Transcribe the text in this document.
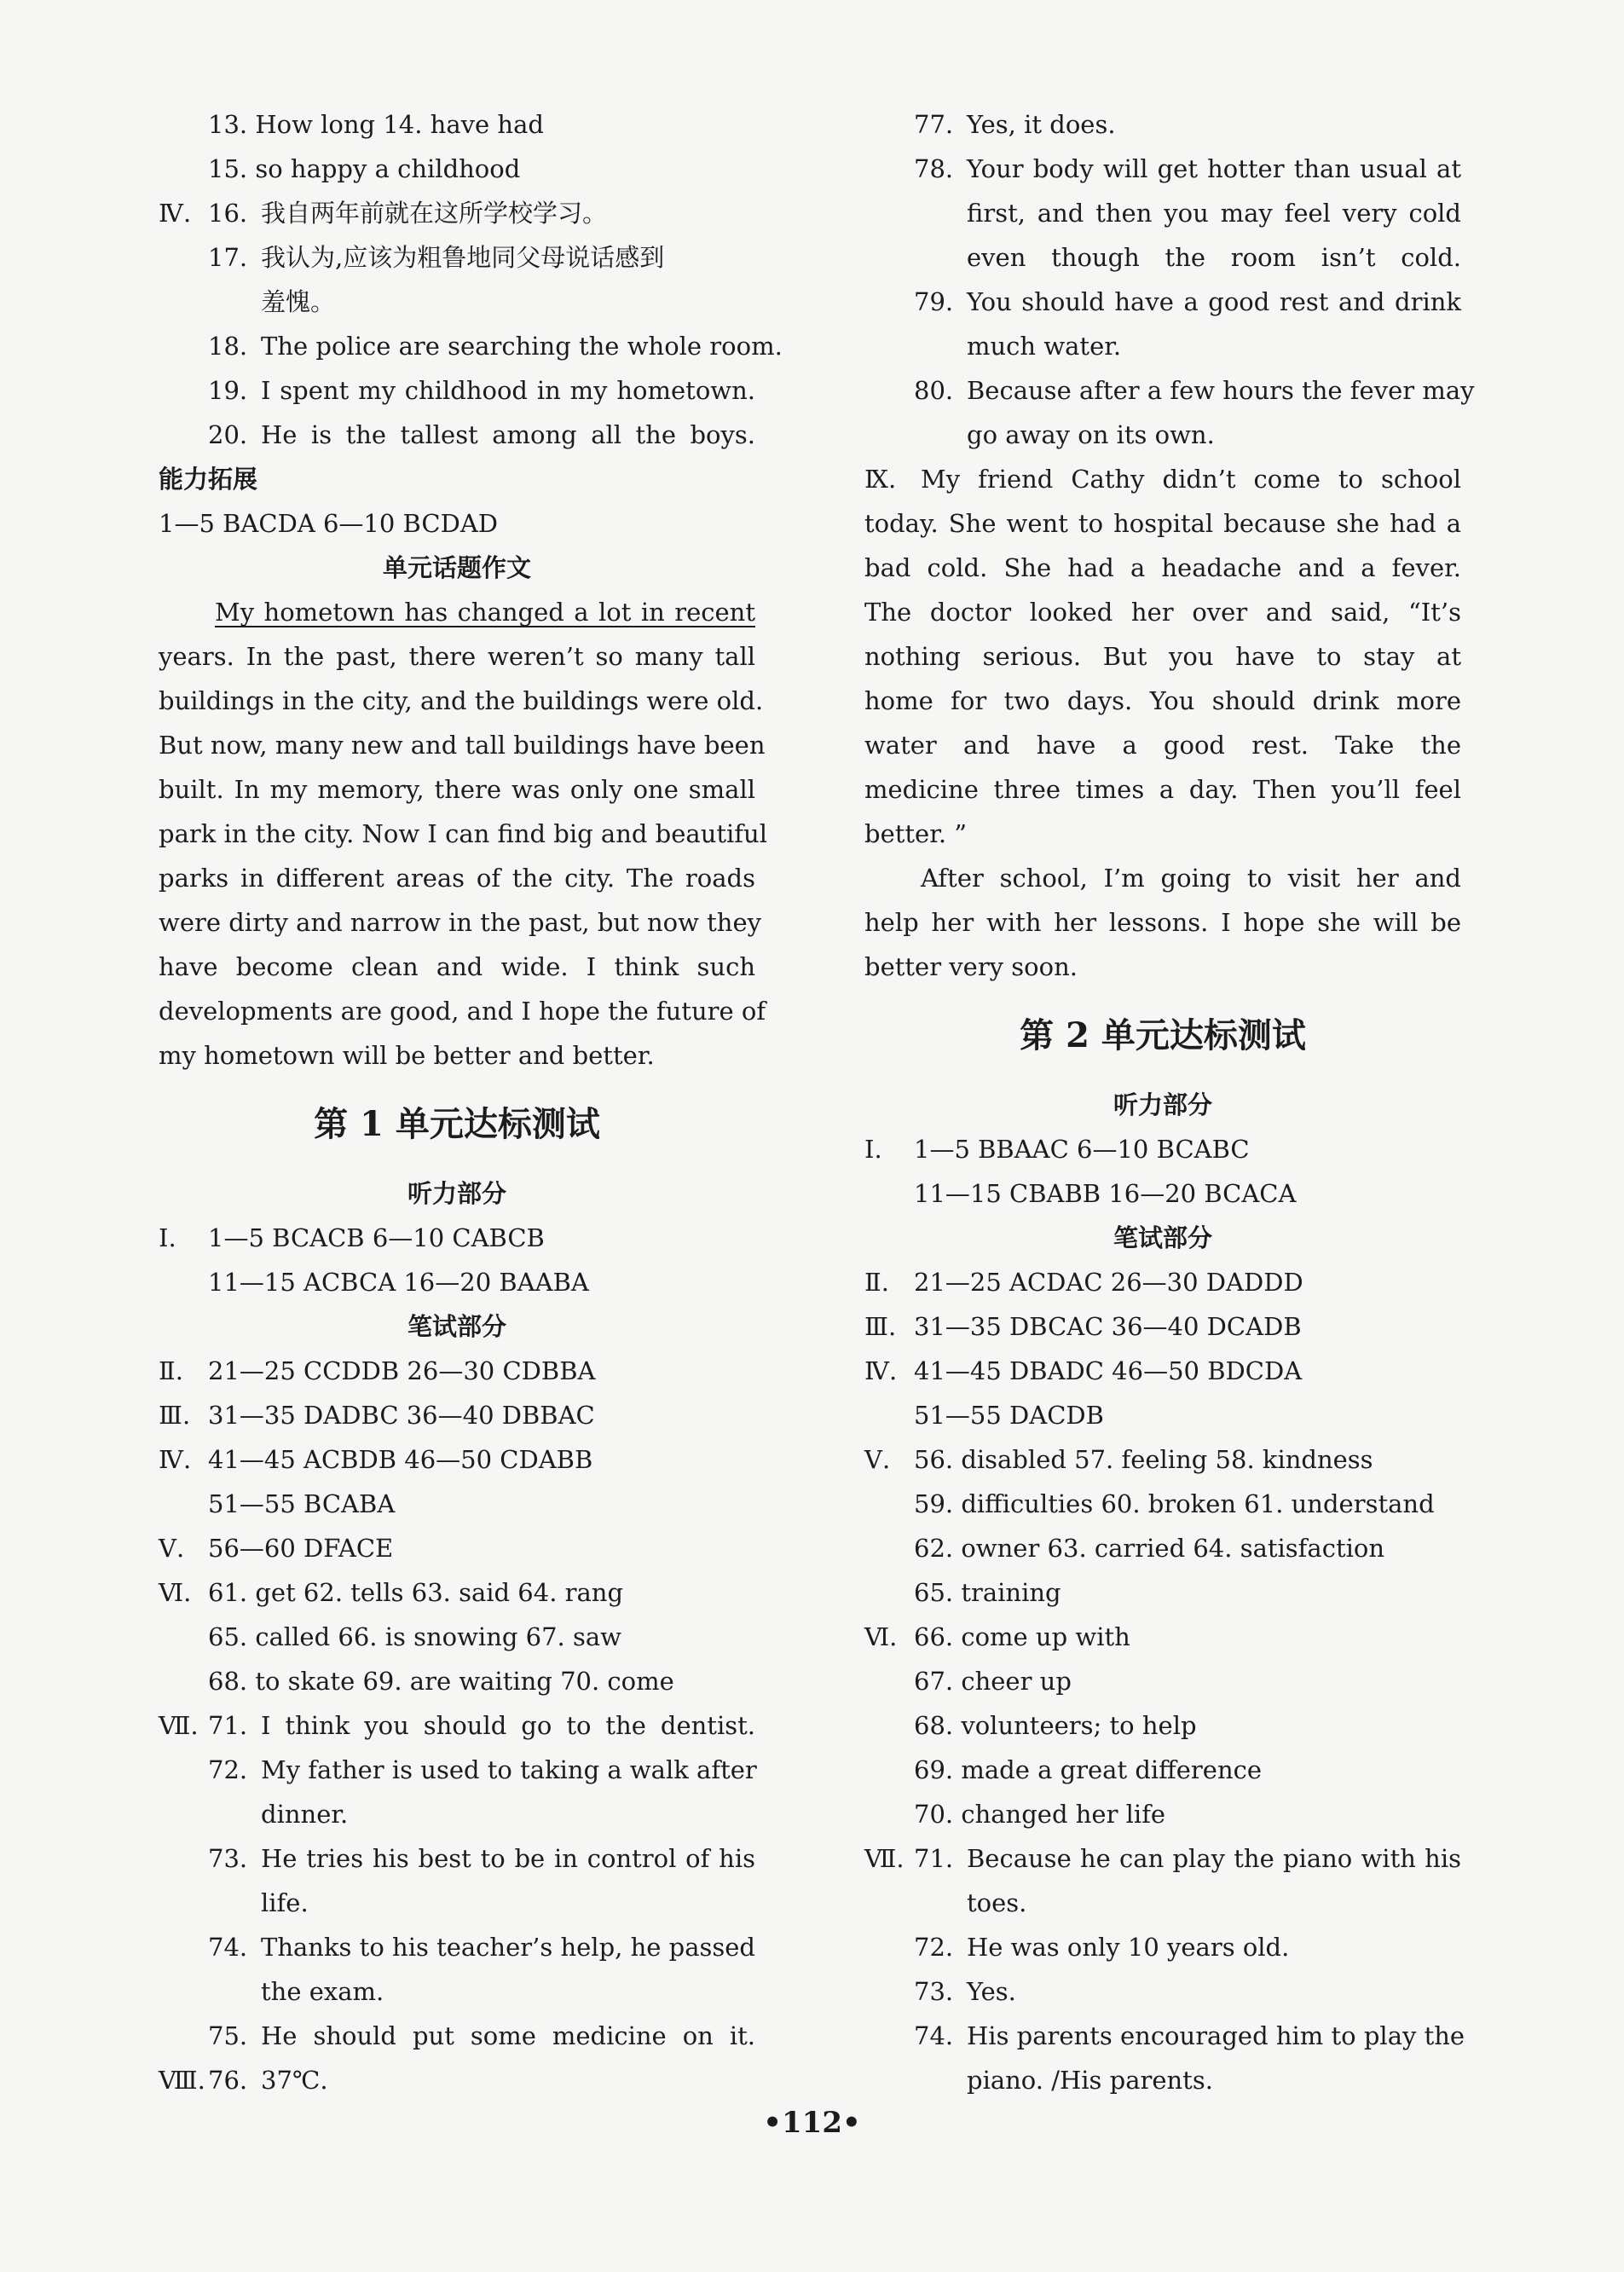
13. How long 14. have had
15. so happy a childhood
Ⅳ. 16. 我自两年前就在这所学校学习。
17. 我认为,应该为粗鲁地同父母说话感到
羞愧。
18. The police are searching the whole room.
19. I spent my childhood in my hometown.
20. He is the tallest among all the boys.
能力拓展
1—5 BACDA 6—10 BCDAD
单元话题作文
My hometown has changed a lot in recent
years. In the past, there weren’t so many tall
buildings in the city, and the buildings were old.
But now, many new and tall buildings have been
built. In my memory, there was only one small
park in the city. Now I can find big and beautiful
parks in different areas of the city. The roads
were dirty and narrow in the past, but now they
have become clean and wide. I think such
developments are good, and I hope the future of
my hometown will be better and better.
第 1 单元达标测试
听力部分
Ⅰ. 1—5 BCACB 6—10 CABCB
11—15 ACBCA 16—20 BAABA
笔试部分
Ⅱ. 21—25 CCDDB 26—30 CDBBA
Ⅲ. 31—35 DADBC 36—40 DBBAC
Ⅳ. 41—45 ACBDB 46—50 CDABB
51—55 BCABA
Ⅴ. 56—60 DFACE
Ⅵ. 61. get 62. tells 63. said 64. rang
65. called 66. is snowing 67. saw
68. to skate 69. are waiting 70. come
Ⅶ. 71. I think you should go to the dentist.
72. My father is used to taking a walk after
dinner.
73. He tries his best to be in control of his
life.
74. Thanks to his teacher’s help, he passed
the exam.
75. He should put some medicine on it.
Ⅷ. 76. 37℃.
77. Yes, it does.
78. Your body will get hotter than usual at
first, and then you may feel very cold
even though the room isn’t cold.
79. You should have a good rest and drink
much water.
80. Because after a few hours the fever may
go away on its own.
Ⅸ. My friend Cathy didn’t come to school
today. She went to hospital because she had a
bad cold. She had a headache and a fever.
The doctor looked her over and said, “It’s
nothing serious. But you have to stay at
home for two days. You should drink more
water and have a good rest. Take the
medicine three times a day. Then you’ll feel
better. ”
After school, I’m going to visit her and
help her with her lessons. I hope she will be
better very soon.
第 2 单元达标测试
听力部分
Ⅰ. 1—5 BBAAC 6—10 BCABC
11—15 CBABB 16—20 BCACA
笔试部分
Ⅱ. 21—25 ACDAC 26—30 DADDD
Ⅲ. 31—35 DBCAC 36—40 DCADB
Ⅳ. 41—45 DBADC 46—50 BDCDA
51—55 DACDB
Ⅴ. 56. disabled 57. feeling 58. kindness
59. difficulties 60. broken 61. understand
62. owner 63. carried 64. satisfaction
65. training
Ⅵ. 66. come up with
67. cheer up
68. volunteers; to help
69. made a great difference
70. changed her life
Ⅶ. 71. Because he can play the piano with his
toes.
72. He was only 10 years old.
73. Yes.
74. His parents encouraged him to play the
piano. /His parents.
•112•
